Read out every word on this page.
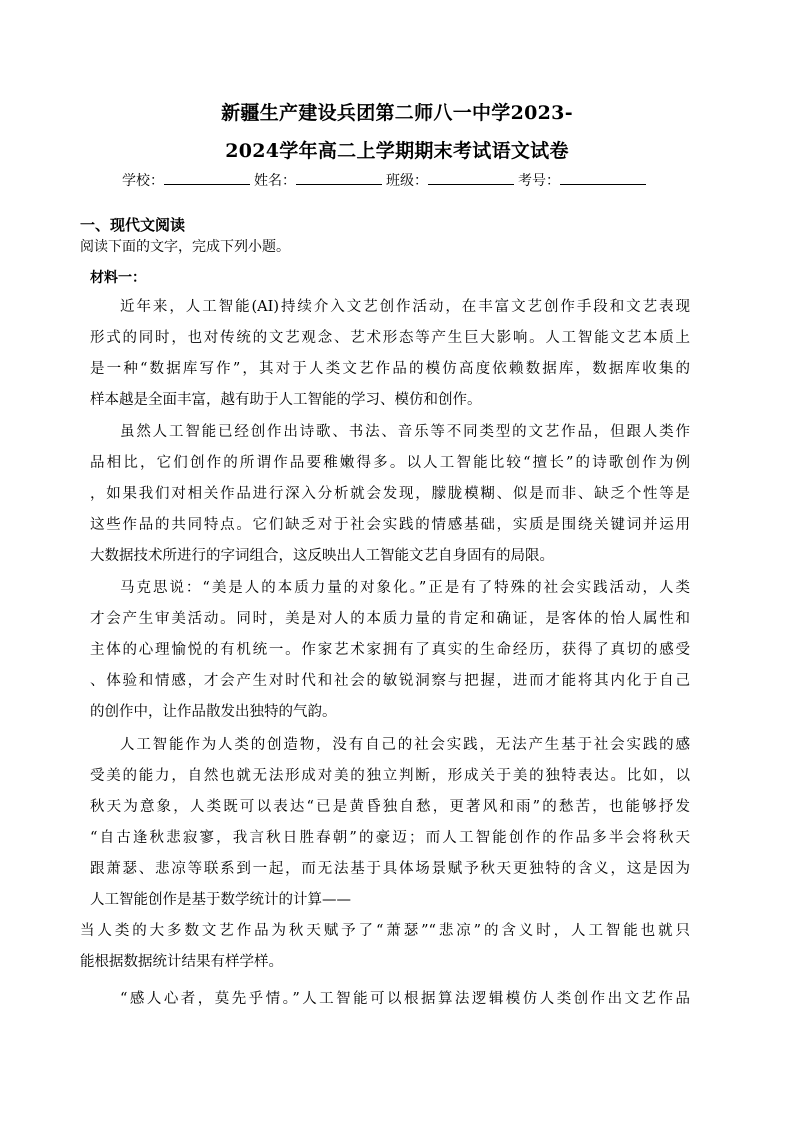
新疆生产建设兵团第二师八一中学2023-
2024学年高二上学期期末考试语文试卷
学校：	姓名：	班级：	考号：
一、现代文阅读
阅读下面的文字，完成下列小题。
材料一：
近年来，人工智能(AI)持续介入文艺创作活动，在丰富文艺创作手段和文艺表现
形式的同时，也对传统的文艺观念、艺术形态等产生巨大影响。人工智能文艺本质上
是一种“数据库写作”，其对于人类文艺作品的模仿高度依赖数据库，数据库收集的
样本越是全面丰富，越有助于人工智能的学习、模仿和创作。
虽然人工智能已经创作出诗歌、书法、音乐等不同类型的文艺作品，但跟人类作
品相比，它们创作的所谓作品要稚嫩得多。以人工智能比较“擅长”的诗歌创作为例
，如果我们对相关作品进行深入分析就会发现，朦胧模糊、似是而非、缺乏个性等是
这些作品的共同特点。它们缺乏对于社会实践的情感基础，实质是围绕关键词并运用
大数据技术所进行的字词组合，这反映出人工智能文艺自身固有的局限。
马克思说：“美是人的本质力量的对象化。”正是有了特殊的社会实践活动，人类
才会产生审美活动。同时，美是对人的本质力量的肯定和确证，是客体的怡人属性和
主体的心理愉悦的有机统一。作家艺术家拥有了真实的生命经历，获得了真切的感受
、体验和情感，才会产生对时代和社会的敏锐洞察与把握，进而才能将其内化于自己
的创作中，让作品散发出独特的气韵。
人工智能作为人类的创造物，没有自己的社会实践，无法产生基于社会实践的感
受美的能力，自然也就无法形成对美的独立判断，形成关于美的独特表达。比如，以
秋天为意象，人类既可以表达“已是黄昏独自愁，更著风和雨”的愁苦，也能够抒发
“自古逢秋悲寂寥，我言秋日胜春朝”的豪迈；而人工智能创作的作品多半会将秋天
跟萧瑟、悲凉等联系到一起，而无法基于具体场景赋予秋天更独特的含义，这是因为
人工智能创作是基于数学统计的计算——
当人类的大多数文艺作品为秋天赋予了“萧瑟”“悲凉”的含义时，人工智能也就只
能根据数据统计结果有样学样。
“感人心者，莫先乎情。”人工智能可以根据算法逻辑模仿人类创作出文艺作品
